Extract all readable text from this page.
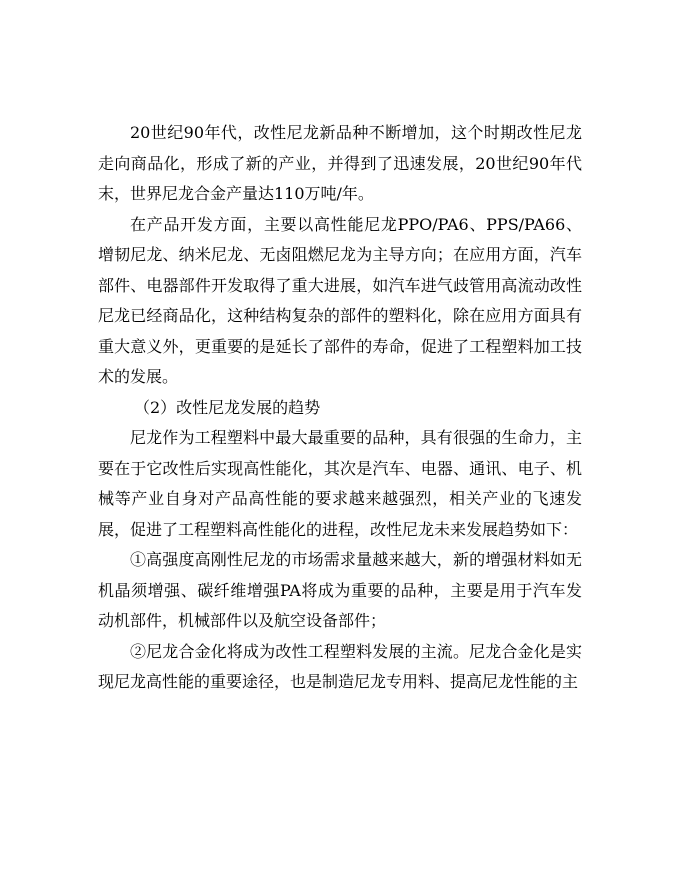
20世纪90年代，改性尼龙新品种不断增加，这个时期改性尼龙走向商品化，形成了新的产业，并得到了迅速发展，20世纪90年代末，世界尼龙合金产量达110万吨/年。

在产品开发方面，主要以高性能尼龙PPO/PA6、PPS/PA66、增韧尼龙、纳米尼龙、无卤阻燃尼龙为主导方向；在应用方面，汽车部件、电器部件开发取得了重大进展，如汽车进气歧管用高流动改性尼龙已经商品化，这种结构复杂的部件的塑料化，除在应用方面具有重大意义外，更重要的是延长了部件的寿命，促进了工程塑料加工技术的发展。

（2）改性尼龙发展的趋势

尼龙作为工程塑料中最大最重要的品种，具有很强的生命力，主要在于它改性后实现高性能化，其次是汽车、电器、通讯、电子、机械等产业自身对产品高性能的要求越来越强烈，相关产业的飞速发展，促进了工程塑料高性能化的进程，改性尼龙未来发展趋势如下：

①高强度高刚性尼龙的市场需求量越来越大，新的增强材料如无机晶须增强、碳纤维增强PA将成为重要的品种，主要是用于汽车发动机部件，机械部件以及航空设备部件；

②尼龙合金化将成为改性工程塑料发展的主流。尼龙合金化是实现尼龙高性能的重要途径，也是制造尼龙专用料、提高尼龙性能的主
